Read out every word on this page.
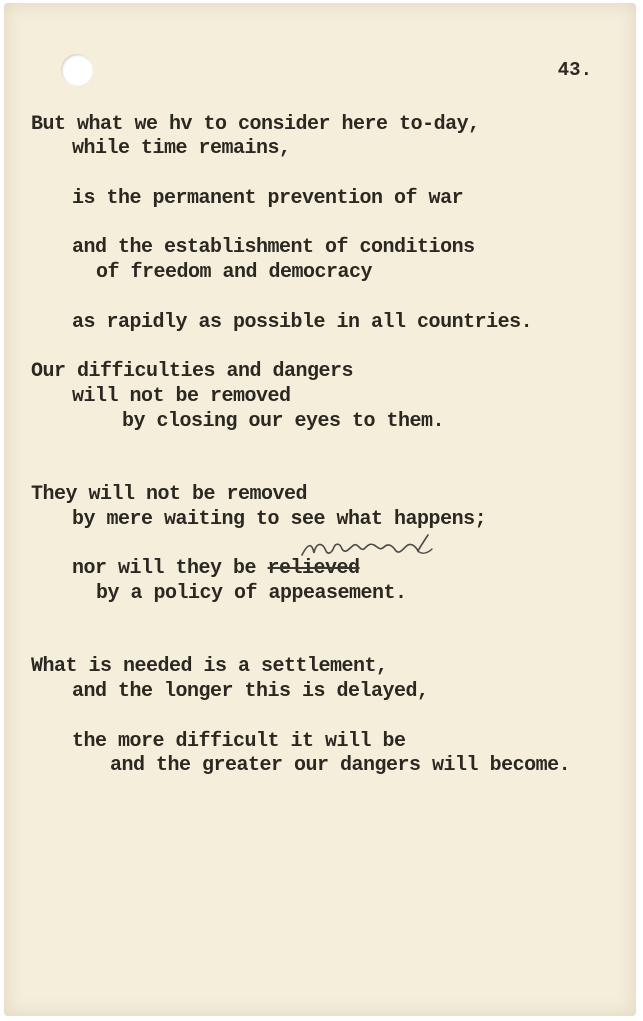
43.

But what we hv to consider here to-day,

while time remains,

is the permanent prevention of war

and the establishment of conditions

of freedom and democracy

as rapidly as possible in all countries.

Our difficulties and dangers

will not be removed

by closing our eyes to them.

They will not be removed

by mere waiting to see what happens;

nor will they be relieved

by a policy of appeasement.

What is needed is a settlement,

and the longer this is delayed,

the more difficult it will be

and the greater our dangers will become.
